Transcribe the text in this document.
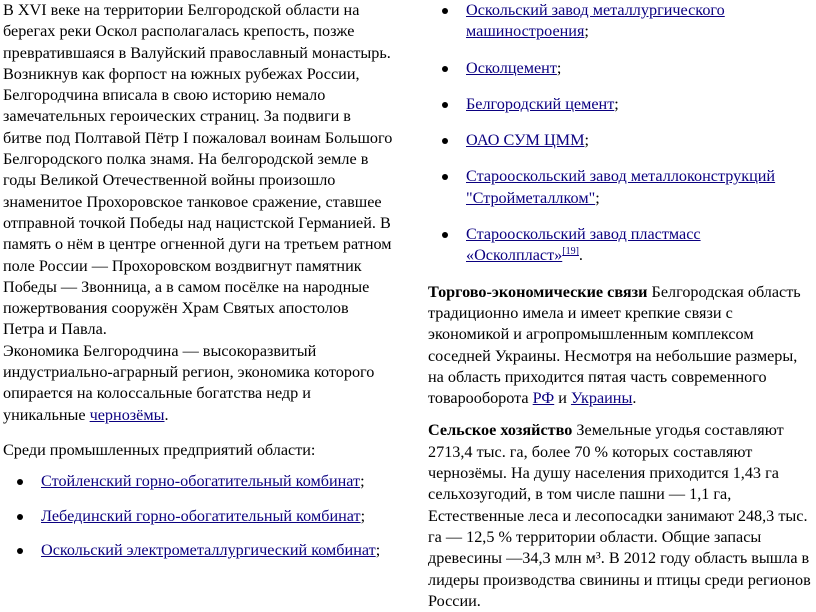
В XVI веке на территории Белгородской области на берегах реки Оскол располагалась крепость, позже превратившаяся в Валуйский православный монастырь. Возникнув как форпост на южных рубежах России, Белгородчина вписала в свою историю немало замечательных героических страниц. За подвиги в битве под Полтавой Пётр I пожаловал воинам Большого Белгородского полка знамя. На белгородской земле в годы Великой Отечественной войны произошло знаменитое Прохоровское танковое сражение, ставшее отправной точкой Победы над нацистской Германией. В память о нём в центре огненной дуги на третьем ратном поле России — Прохоровском воздвигнут памятник Победы — Звонница, а в самом посёлке на народные пожертвования сооружён Храм Святых апостолов Петра и Павла.

Экономика Белгородчина — высокоразвитый индустриально-аграрный регион, экономика которого опирается на колоссальные богатства недр и уникальные чернозёмы.

Среди промышленных предприятий области:

Стойленский горно-обогатительный комбинат;
Лебединский горно-обогатительный комбинат;
Оскольский электрометаллургический комбинат;
Оскольский завод металлургического машиностроения;
Осколцемент;
Белгородский цемент;
ОАО СУМ ЦММ;
Старооскольский завод металлоконструкций "Стройметаллком";
Старооскольский завод пластмасс «Осколпласт»[19].

Торгово-экономические связи Белгородская область традиционно имела и имеет крепкие связи с экономикой и агропромышленным комплексом соседней Украины. Несмотря на небольшие размеры, на область приходится пятая часть современного товарооборота РФ и Украины.

Сельское хозяйство Земельные угодья составляют 2713,4 тыс. га, более 70 % которых составляют чернозёмы. На душу населения приходится 1,43 га сельхозугодий, в том числе пашни — 1,1 га, Естественные леса и лесопосадки занимают 248,3 тыс. га — 12,5 % территории области. Общие запасы древесины —34,3 млн м³. В 2012 году область вышла в лидеры производства свинины и птицы среди регионов России.
